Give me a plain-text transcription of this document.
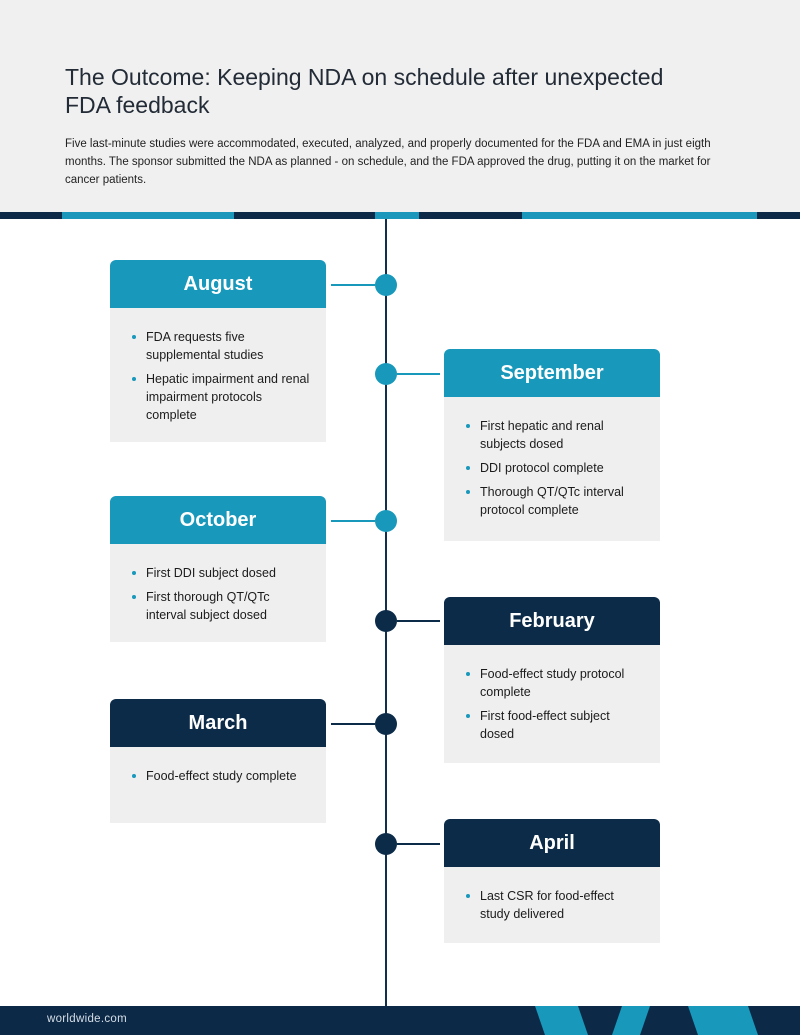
The Outcome: Keeping NDA on schedule after unexpected FDA feedback

Five last-minute studies were accommodated, executed, analyzed, and properly documented for the FDA and EMA in just eigth months. The sponsor submitted the NDA as planned - on schedule, and the FDA approved the drug, putting it on the market for cancer patients.

August
FDA requests five supplemental studies
Hepatic impairment and renal impairment protocols complete
September
First hepatic and renal subjects dosed
DDI protocol complete
Thorough QT/QTc interval protocol complete
October
First DDI subject dosed
First thorough QT/QTc interval subject dosed	February
Food-effect study protocol complete
First food-effect subject dosed
March
Food-effect study complete
April
Last CSR for food-effect study delivered
worldwide.com
